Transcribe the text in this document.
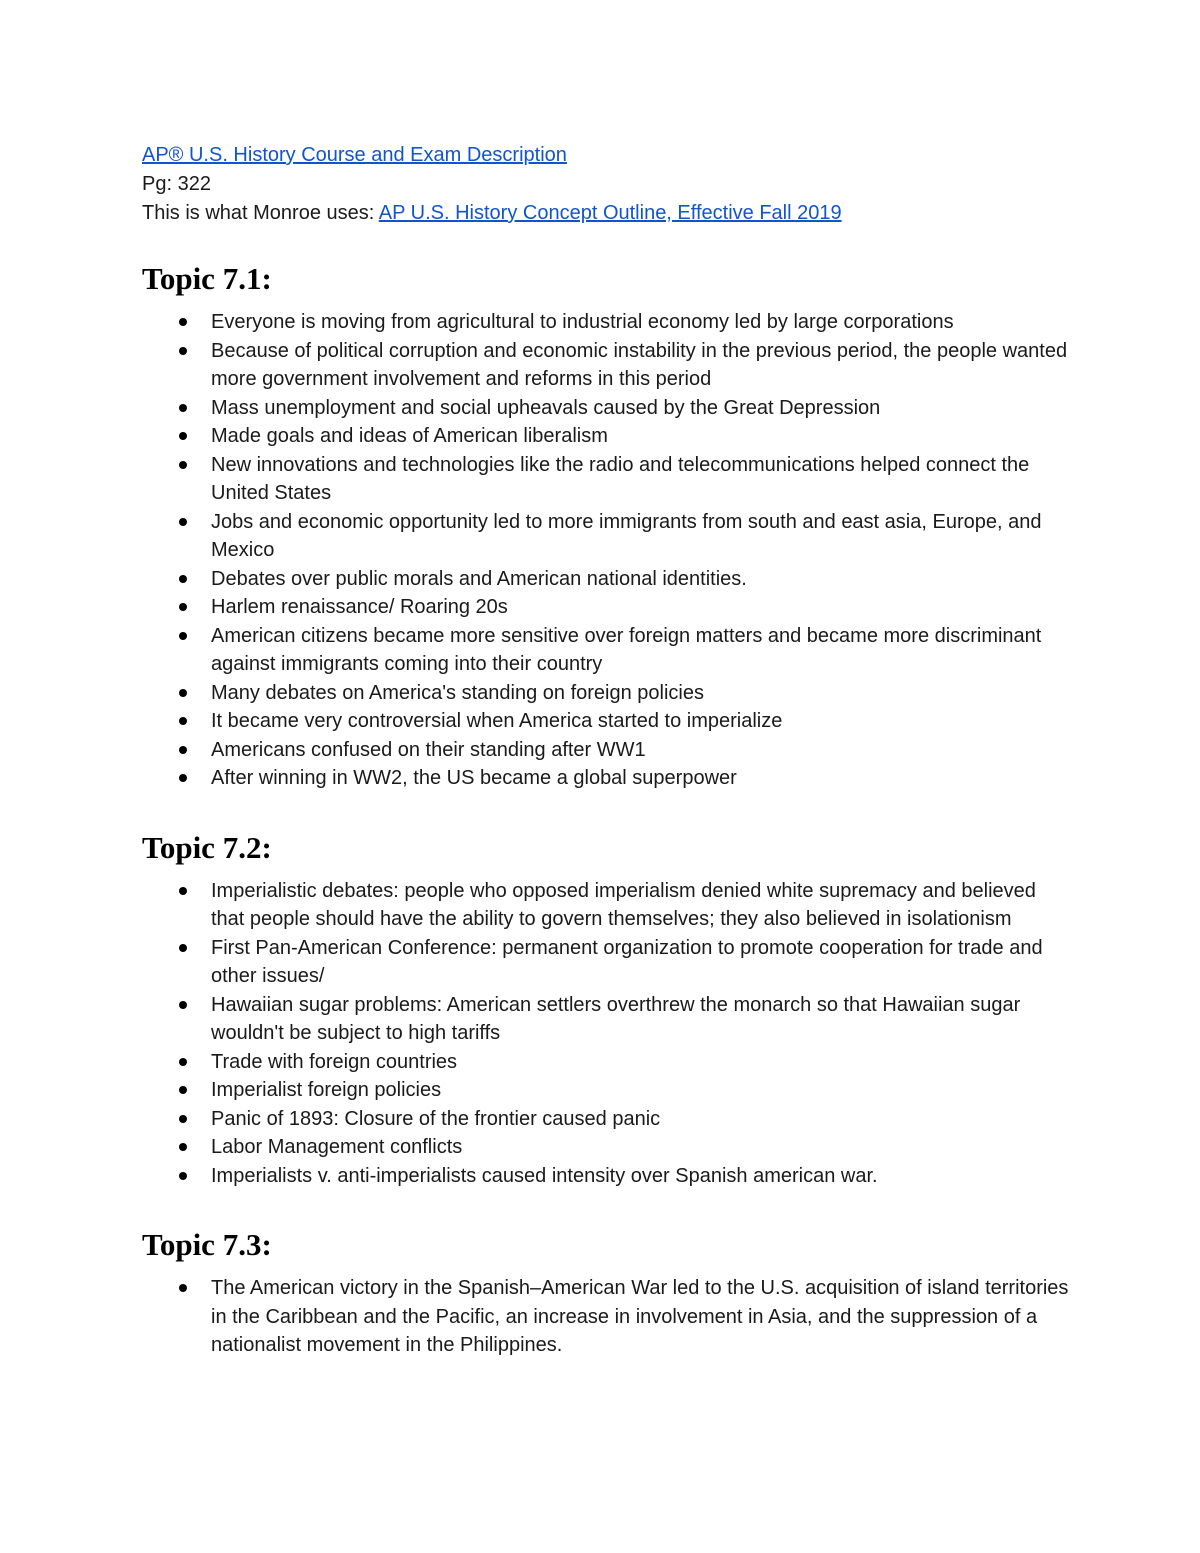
AP® U.S. History Course and Exam Description

Pg: 322

This is what Monroe uses: AP U.S. History Concept Outline, Effective Fall 2019

Topic 7.1:
Everyone is moving from agricultural to industrial economy led by large corporations
Because of political corruption and economic instability in the previous period, the people wanted more government involvement and reforms in this period
Mass unemployment and social upheavals caused by the Great Depression
Made goals and ideas of American liberalism
New innovations and technologies like the radio and telecommunications helped connect the United States
Jobs and economic opportunity led to more immigrants from south and east asia, Europe, and Mexico
Debates over public morals and American national identities.
Harlem renaissance/ Roaring 20s
American citizens became more sensitive over foreign matters and became more discriminant against immigrants coming into their country
Many debates on America's standing on foreign policies
It became very controversial when America started to imperialize
Americans confused on their standing after WW1
After winning in WW2, the US became a global superpower
Topic 7.2:
Imperialistic debates: people who opposed imperialism denied white supremacy and believed that people should have the ability to govern themselves; they also believed in isolationism
First Pan-American Conference: permanent organization to promote cooperation for trade and other issues/
Hawaiian sugar problems: American settlers overthrew the monarch so that Hawaiian sugar wouldn't be subject to high tariffs
Trade with foreign countries
Imperialist foreign policies
Panic of 1893: Closure of the frontier caused panic
Labor Management conflicts
Imperialists v. anti-imperialists caused intensity over Spanish american war.
Topic 7.3:
The American victory in the Spanish–American War led to the U.S. acquisition of island territories in the Caribbean and the Pacific, an increase in involvement in Asia, and the suppression of a nationalist movement in the Philippines.
